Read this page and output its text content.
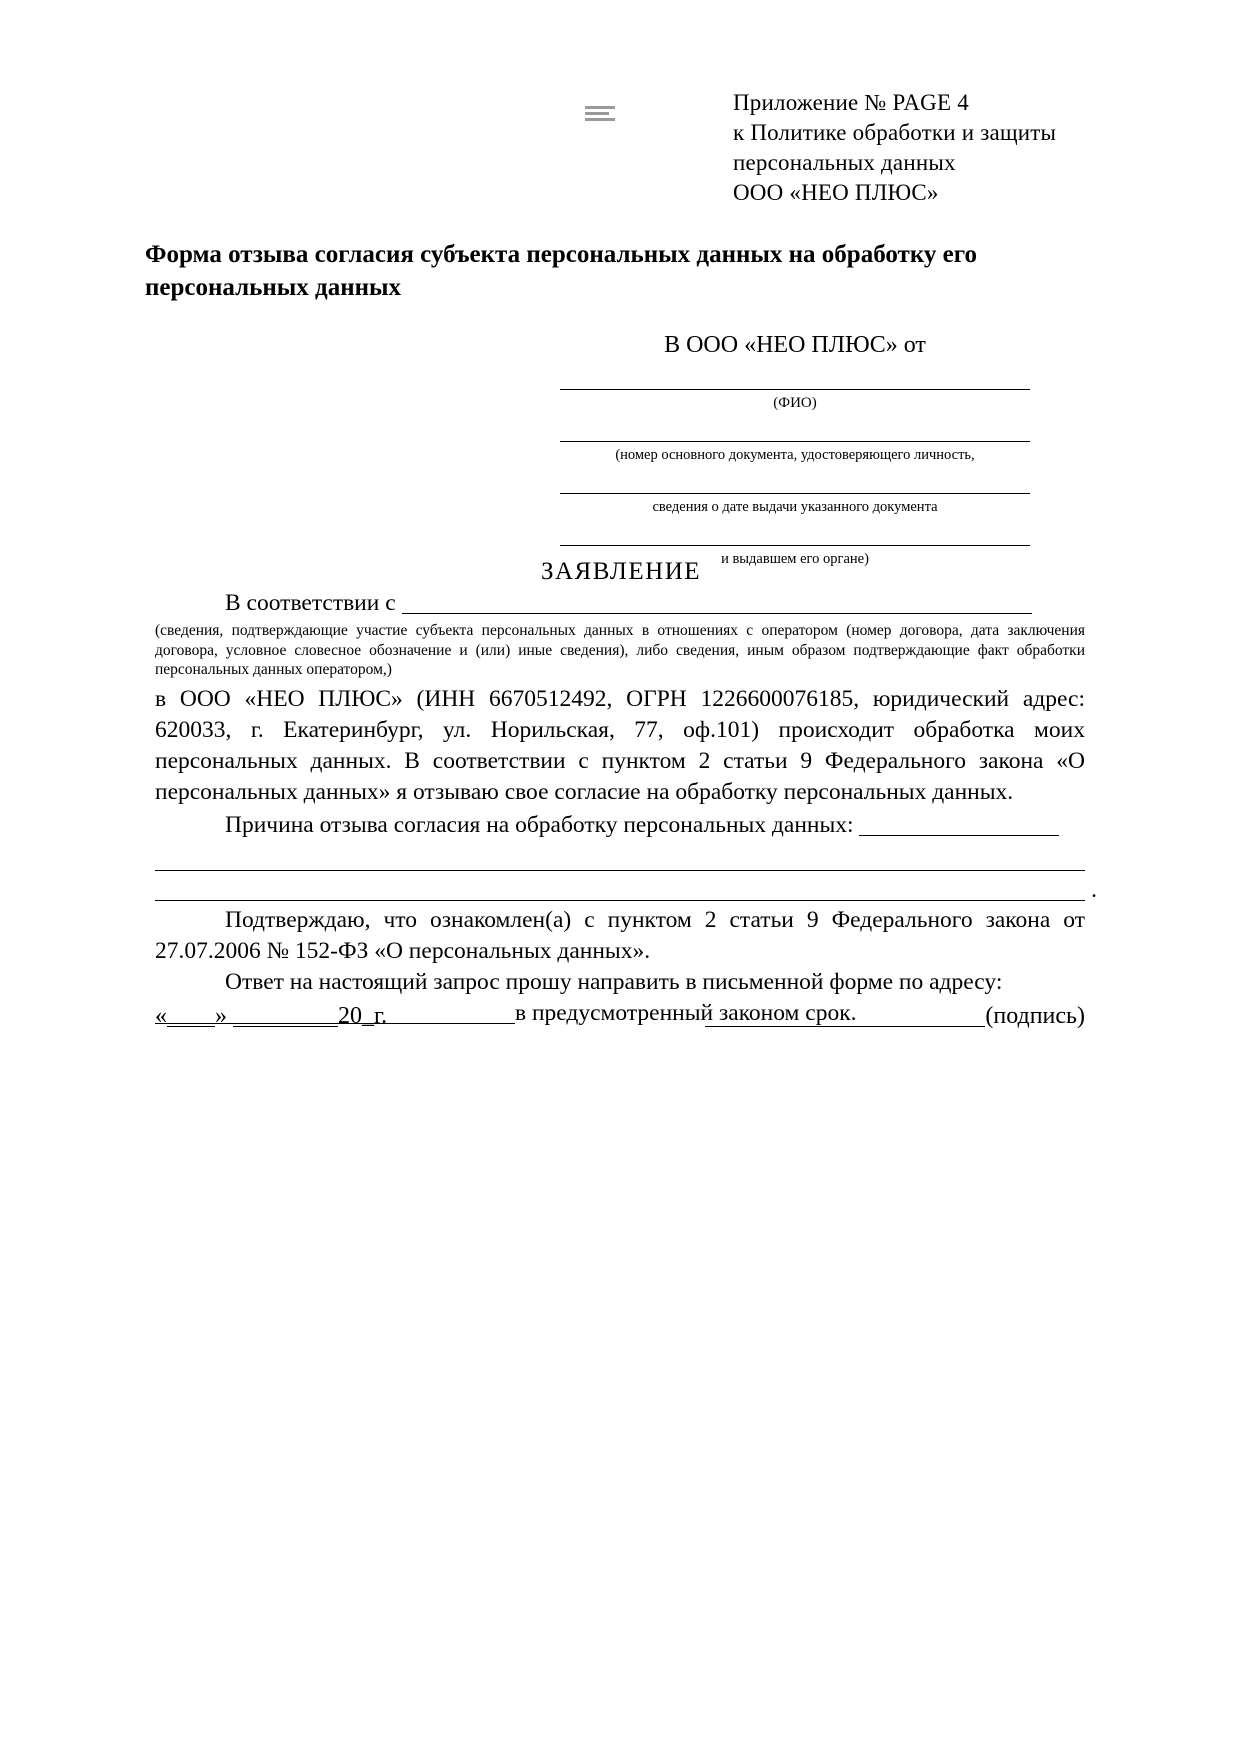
Приложение № PAGE 4
к Политике обработки и защиты
персональных данных
ООО «НЕО ПЛЮС»
Форма отзыва согласия субъекта персональных данных на обработку его персональных данных
В ООО «НЕО ПЛЮС» от
(ФИО)
(номер основного документа, удостоверяющего личность,
сведения о дате выдачи указанного документа
и выдавшем его органе)
ЗАЯВЛЕНИЕ
В соответствии с
(сведения, подтверждающие участие субъекта персональных данных в отношениях с оператором (номер договора, дата заключения договора, условное словесное обозначение и (или) иные сведения), либо сведения, иным образом подтверждающие факт обработки персональных данных оператором,)
в ООО «НЕО ПЛЮС» (ИНН 6670512492, ОГРН 1226600076185, юридический адрес: 620033, г. Екатеринбург, ул. Норильская, 77, оф.101) происходит обработка моих персональных данных. В соответствии с пунктом 2 статьи 9 Федерального закона «О персональных данных» я отзываю свое согласие на обработку персональных данных.
Причина отзыва согласия на обработку персональных данных:
.
Подтверждаю, что ознакомлен(а) с пунктом 2 статьи 9 Федерального закона от 27.07.2006 № 152-ФЗ «О персональных данных».
Ответ на настоящий запрос прошу направить в письменной форме по адресу:
в предусмотренный законом срок.
« »	20_г.	(подпись)
